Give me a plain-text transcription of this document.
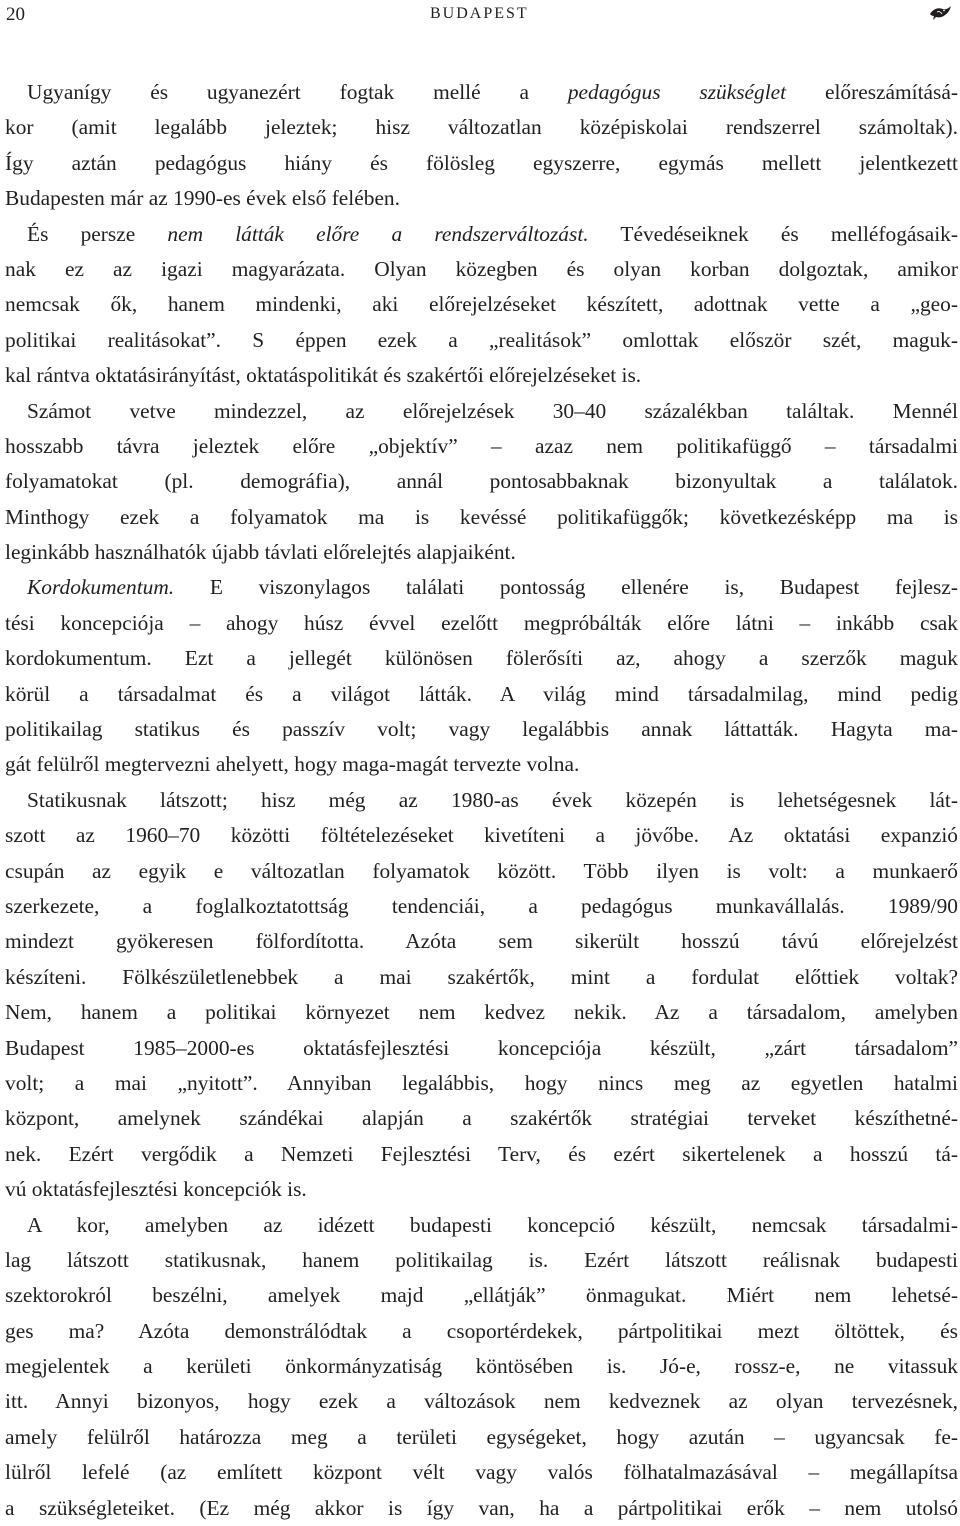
20	BUDAPEST
Ugyanígy és ugyanezért fogtak mellé a pedagógus szükséglet előreszámításá-
kor (amit legalább jeleztek; hisz változatlan középiskolai rendszerrel számoltak).
Így aztán pedagógus hiány és fölösleg egyszerre, egymás mellett jelentkezett
Budapesten már az 1990-es évek első felében.
És persze nem látták előre a rendszerváltozást. Tévedéseiknek és melléfogásaik-
nak ez az igazi magyarázata. Olyan közegben és olyan korban dolgoztak, amikor
nemcsak ők, hanem mindenki, aki előrejelzéseket készített, adottnak vette a „geo-
politikai realitásokat”. S éppen ezek a „realitások” omlottak először szét, maguk-
kal rántva oktatásirányítást, oktatáspolitikát és szakértői előrejelzéseket is.
Számot vetve mindezzel, az előrejelzések 30–40 százalékban találtak. Mennél
hosszabb távra jeleztek előre „objektív” – azaz nem politikafüggő – társadalmi
folyamatokat (pl. demográfia), annál pontosabbaknak bizonyultak a találatok.
Minthogy ezek a folyamatok ma is kevéssé politikafüggők; következésképp ma is
leginkább használhatók újabb távlati előrelejtés alapjaiként.
Kordokumentum. E viszonylagos találati pontosság ellenére is, Budapest fejlesz-
tési koncepciója – ahogy húsz évvel ezelőtt megpróbálták előre látni – inkább csak
kordokumentum. Ezt a jellegét különösen fölerősíti az, ahogy a szerzők maguk
körül a társadalmat és a világot látták. A világ mind társadalmilag, mind pedig
politikailag statikus és passzív volt; vagy legalábbis annak láttatták. Hagyta ma-
gát felülről megtervezni ahelyett, hogy maga-magát tervezte volna.
Statikusnak látszott; hisz még az 1980-as évek közepén is lehetségesnek lát-
szott az 1960–70 közötti föltételezéseket kivetíteni a jövőbe. Az oktatási expanzió
csupán az egyik e változatlan folyamatok között. Több ilyen is volt: a munkaerő
szerkezete, a foglalkoztatottság tendenciái, a pedagógus munkavállalás. 1989/90
mindezt gyökeresen fölfordította. Azóta sem sikerült hosszú távú előrejelzést
készíteni. Fölkészületlenebbek a mai szakértők, mint a fordulat előttiek voltak?
Nem, hanem a politikai környezet nem kedvez nekik. Az a társadalom, amelyben
Budapest 1985–2000-es oktatásfejlesztési koncepciója készült, „zárt társadalom”
volt; a mai „nyitott”. Annyiban legalábbis, hogy nincs meg az egyetlen hatalmi
központ, amelynek szándékai alapján a szakértők stratégiai terveket készíthetné-
nek. Ezért vergődik a Nemzeti Fejlesztési Terv, és ezért sikertelenek a hosszú tá-
vú oktatásfejlesztési koncepciók is.
A kor, amelyben az idézett budapesti koncepció készült, nemcsak társadalmi-
lag látszott statikusnak, hanem politikailag is. Ezért látszott reálisnak budapesti
szektorokról beszélni, amelyek majd „ellátják” önmagukat. Miért nem lehetsé-
ges ma? Azóta demonstrálódtak a csoportérdekek, pártpolitikai mezt öltöttek, és
megjelentek a kerületi önkormányzatiság köntösében is. Jó-e, rossz-e, ne vitassuk
itt. Annyi bizonyos, hogy ezek a változások nem kedveznek az olyan tervezésnek,
amely felülről határozza meg a területi egységeket, hogy azután – ugyancsak fe-
lülről lefelé (az említett központ vélt vagy valós fölhatalmazásával – megállapítsa
a szükségleteiket. (Ez még akkor is így van, ha a pártpolitikai erők – nem utolsó
